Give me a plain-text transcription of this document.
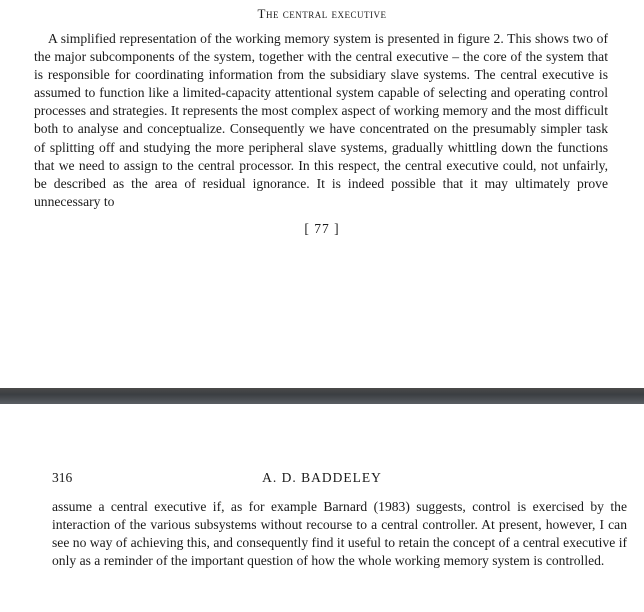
The central executive

A simplified representation of the working memory system is presented in figure 2. This shows two of the major subcomponents of the system, together with the central executive – the core of the system that is responsible for coordinating information from the subsidiary slave systems. The central executive is assumed to function like a limited-capacity attentional system capable of selecting and operating control processes and strategies. It represents the most complex aspect of working memory and the most difficult both to analyse and conceptualize. Consequently we have concentrated on the presumably simpler task of splitting off and studying the more peripheral slave systems, gradually whittling down the functions that we need to assign to the central processor. In this respect, the central executive could, not unfairly, be described as the area of residual ignorance. It is indeed possible that it may ultimately prove unnecessary to

[ 77 ]
316	A. D. BADDELEY

assume a central executive if, as for example Barnard (1983) suggests, control is exercised by the interaction of the various subsystems without recourse to a central controller. At present, however, I can see no way of achieving this, and consequently find it useful to retain the concept of a central executive if only as a reminder of the important question of how the whole working memory system is controlled.
